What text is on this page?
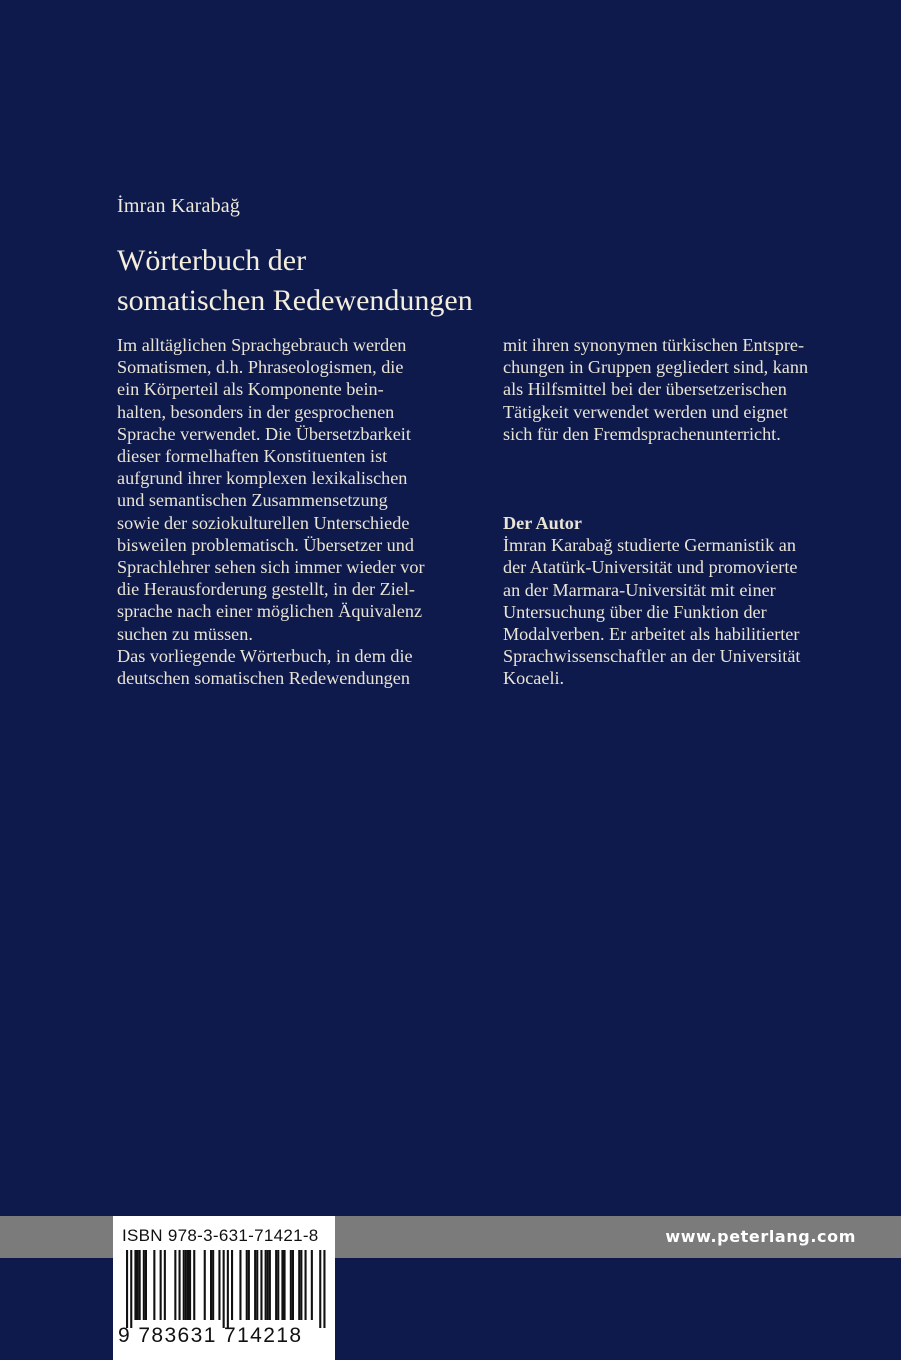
İmran Karabağ
Wörterbuch der
somatischen Redewendungen
Im alltäglichen Sprachgebrauch werden
Somatismen, d.h. Phraseologismen, die
ein Körperteil als Komponente bein-
halten, besonders in der gesprochenen
Sprache verwendet. Die Übersetzbarkeit
dieser formelhaften Konstituenten ist
aufgrund ihrer komplexen lexikalischen
und semantischen Zusammensetzung
sowie der soziokulturellen Unterschiede
bisweilen problematisch. Übersetzer und
Sprachlehrer sehen sich immer wieder vor
die Herausforderung gestellt, in der Ziel-
sprache nach einer möglichen Äquivalenz
suchen zu müssen.
Das vorliegende Wörterbuch, in dem die
deutschen somatischen Redewendungen
mit ihren synonymen türkischen Entspre-
chungen in Gruppen gegliedert sind, kann
als Hilfsmittel bei der übersetzerischen
Tätigkeit verwendet werden und eignet
sich für den Fremdsprachenunterricht.
Der Autor
İmran Karabağ studierte Germanistik an
der Atatürk-Universität und promovierte
an der Marmara-Universität mit einer
Untersuchung über die Funktion der
Modalverben. Er arbeitet als habilitierter
Sprachwissenschaftler an der Universität
Kocaeli.
www.peterlang.com
ISBN 978-3-631-71421-8
9 783631 714218
